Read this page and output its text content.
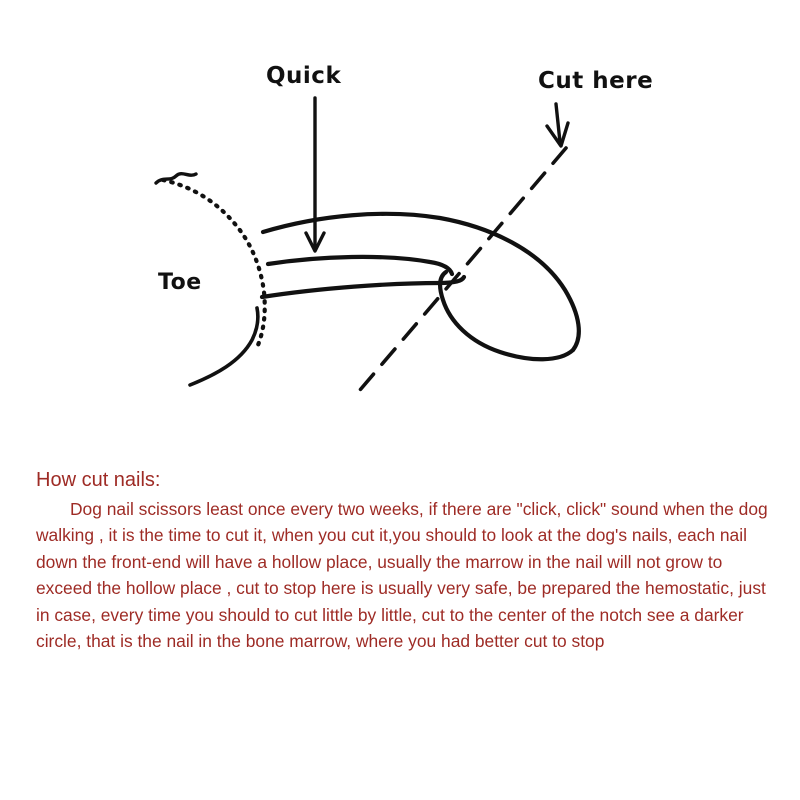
Quick	Cut here
Toe

How cut nails:

Dog nail scissors least once every two weeks, if there are "click, click" sound when the dog walking , it is the time to cut it, when you cut it,you should to look at the dog's nails, each nail down the front-end will have a hollow place, usually the marrow in the nail will not grow to exceed the hollow place , cut to stop here is usually very safe, be prepared the hemostatic, just in case, every time you should to cut little by little, cut to the center of the notch see a darker circle, that is the nail in the bone marrow, where you had better cut to stop
